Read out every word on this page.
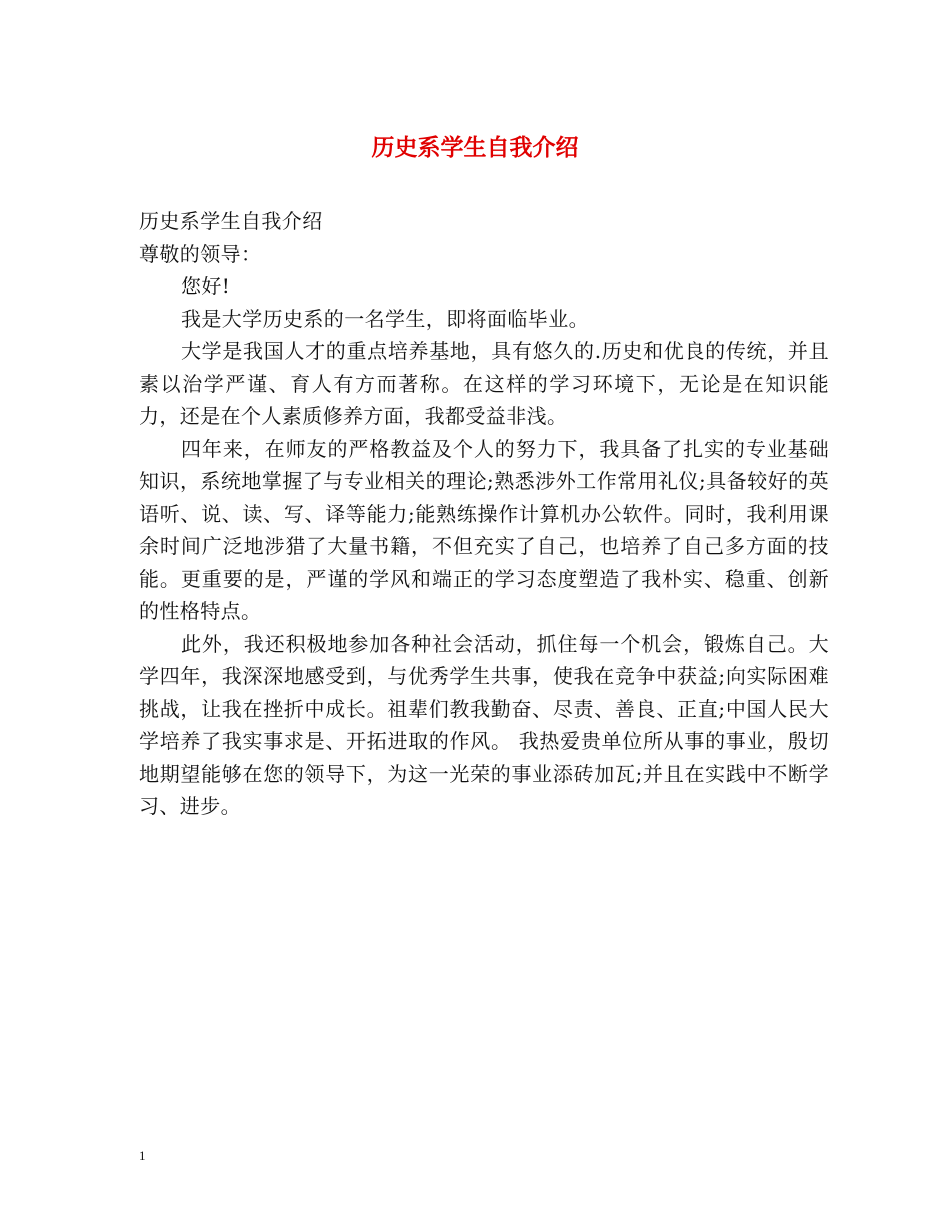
历史系学生自我介绍

历史系学生自我介绍

尊敬的领导：

您好!

我是大学历史系的一名学生，即将面临毕业。

大学是我国人才的重点培养基地，具有悠久的.历史和优良的传统，并且素以治学严谨、育人有方而著称。在这样的学习环境下，无论是在知识能力，还是在个人素质修养方面，我都受益非浅。

四年来，在师友的严格教益及个人的努力下，我具备了扎实的专业基础知识，系统地掌握了与专业相关的理论;熟悉涉外工作常用礼仪;具备较好的英语听、说、读、写、译等能力;能熟练操作计算机办公软件。同时，我利用课余时间广泛地涉猎了大量书籍，不但充实了自己，也培养了自己多方面的技能。更重要的是，严谨的学风和端正的学习态度塑造了我朴实、稳重、创新的性格特点。

此外，我还积极地参加各种社会活动，抓住每一个机会，锻炼自己。大学四年，我深深地感受到，与优秀学生共事，使我在竞争中获益;向实际困难挑战，让我在挫折中成长。祖辈们教我勤奋、尽责、善良、正直;中国人民大学培养了我实事求是、开拓进取的作风。 我热爱贵单位所从事的事业，殷切地期望能够在您的领导下，为这一光荣的事业添砖加瓦;并且在实践中不断学习、进步。

1
